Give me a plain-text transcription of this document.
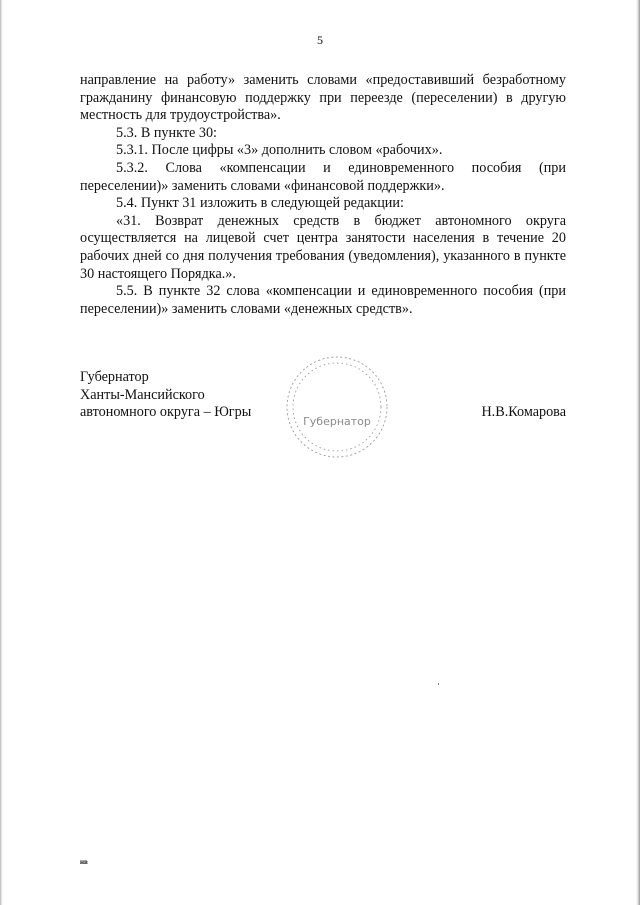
5

направление на работу» заменить словами «предоставивший безработному гражданину финансовую поддержку при переезде (переселении) в другую местность для трудоустройства».

5.3. В пункте 30:

5.3.1. После цифры «3» дополнить словом «рабочих».

5.3.2. Слова «компенсации и единовременного пособия (при переселении)» заменить словами «финансовой поддержки».

5.4. Пункт 31 изложить в следующей редакции:

«31. Возврат денежных средств в бюджет автономного округа осуществляется на лицевой счет центра занятости населения в течение 20 рабочих дней со дня получения требования (уведомления), указанного в пункте 30 настоящего Порядка.».

5.5. В пункте 32 слова «компенсации и единовременного пособия (при переселении)» заменить словами «денежных средств».

Губернатор
Губернатор
Ханты-Мансийского
автономного округа – Югры	Н.В.Комарова
нв
